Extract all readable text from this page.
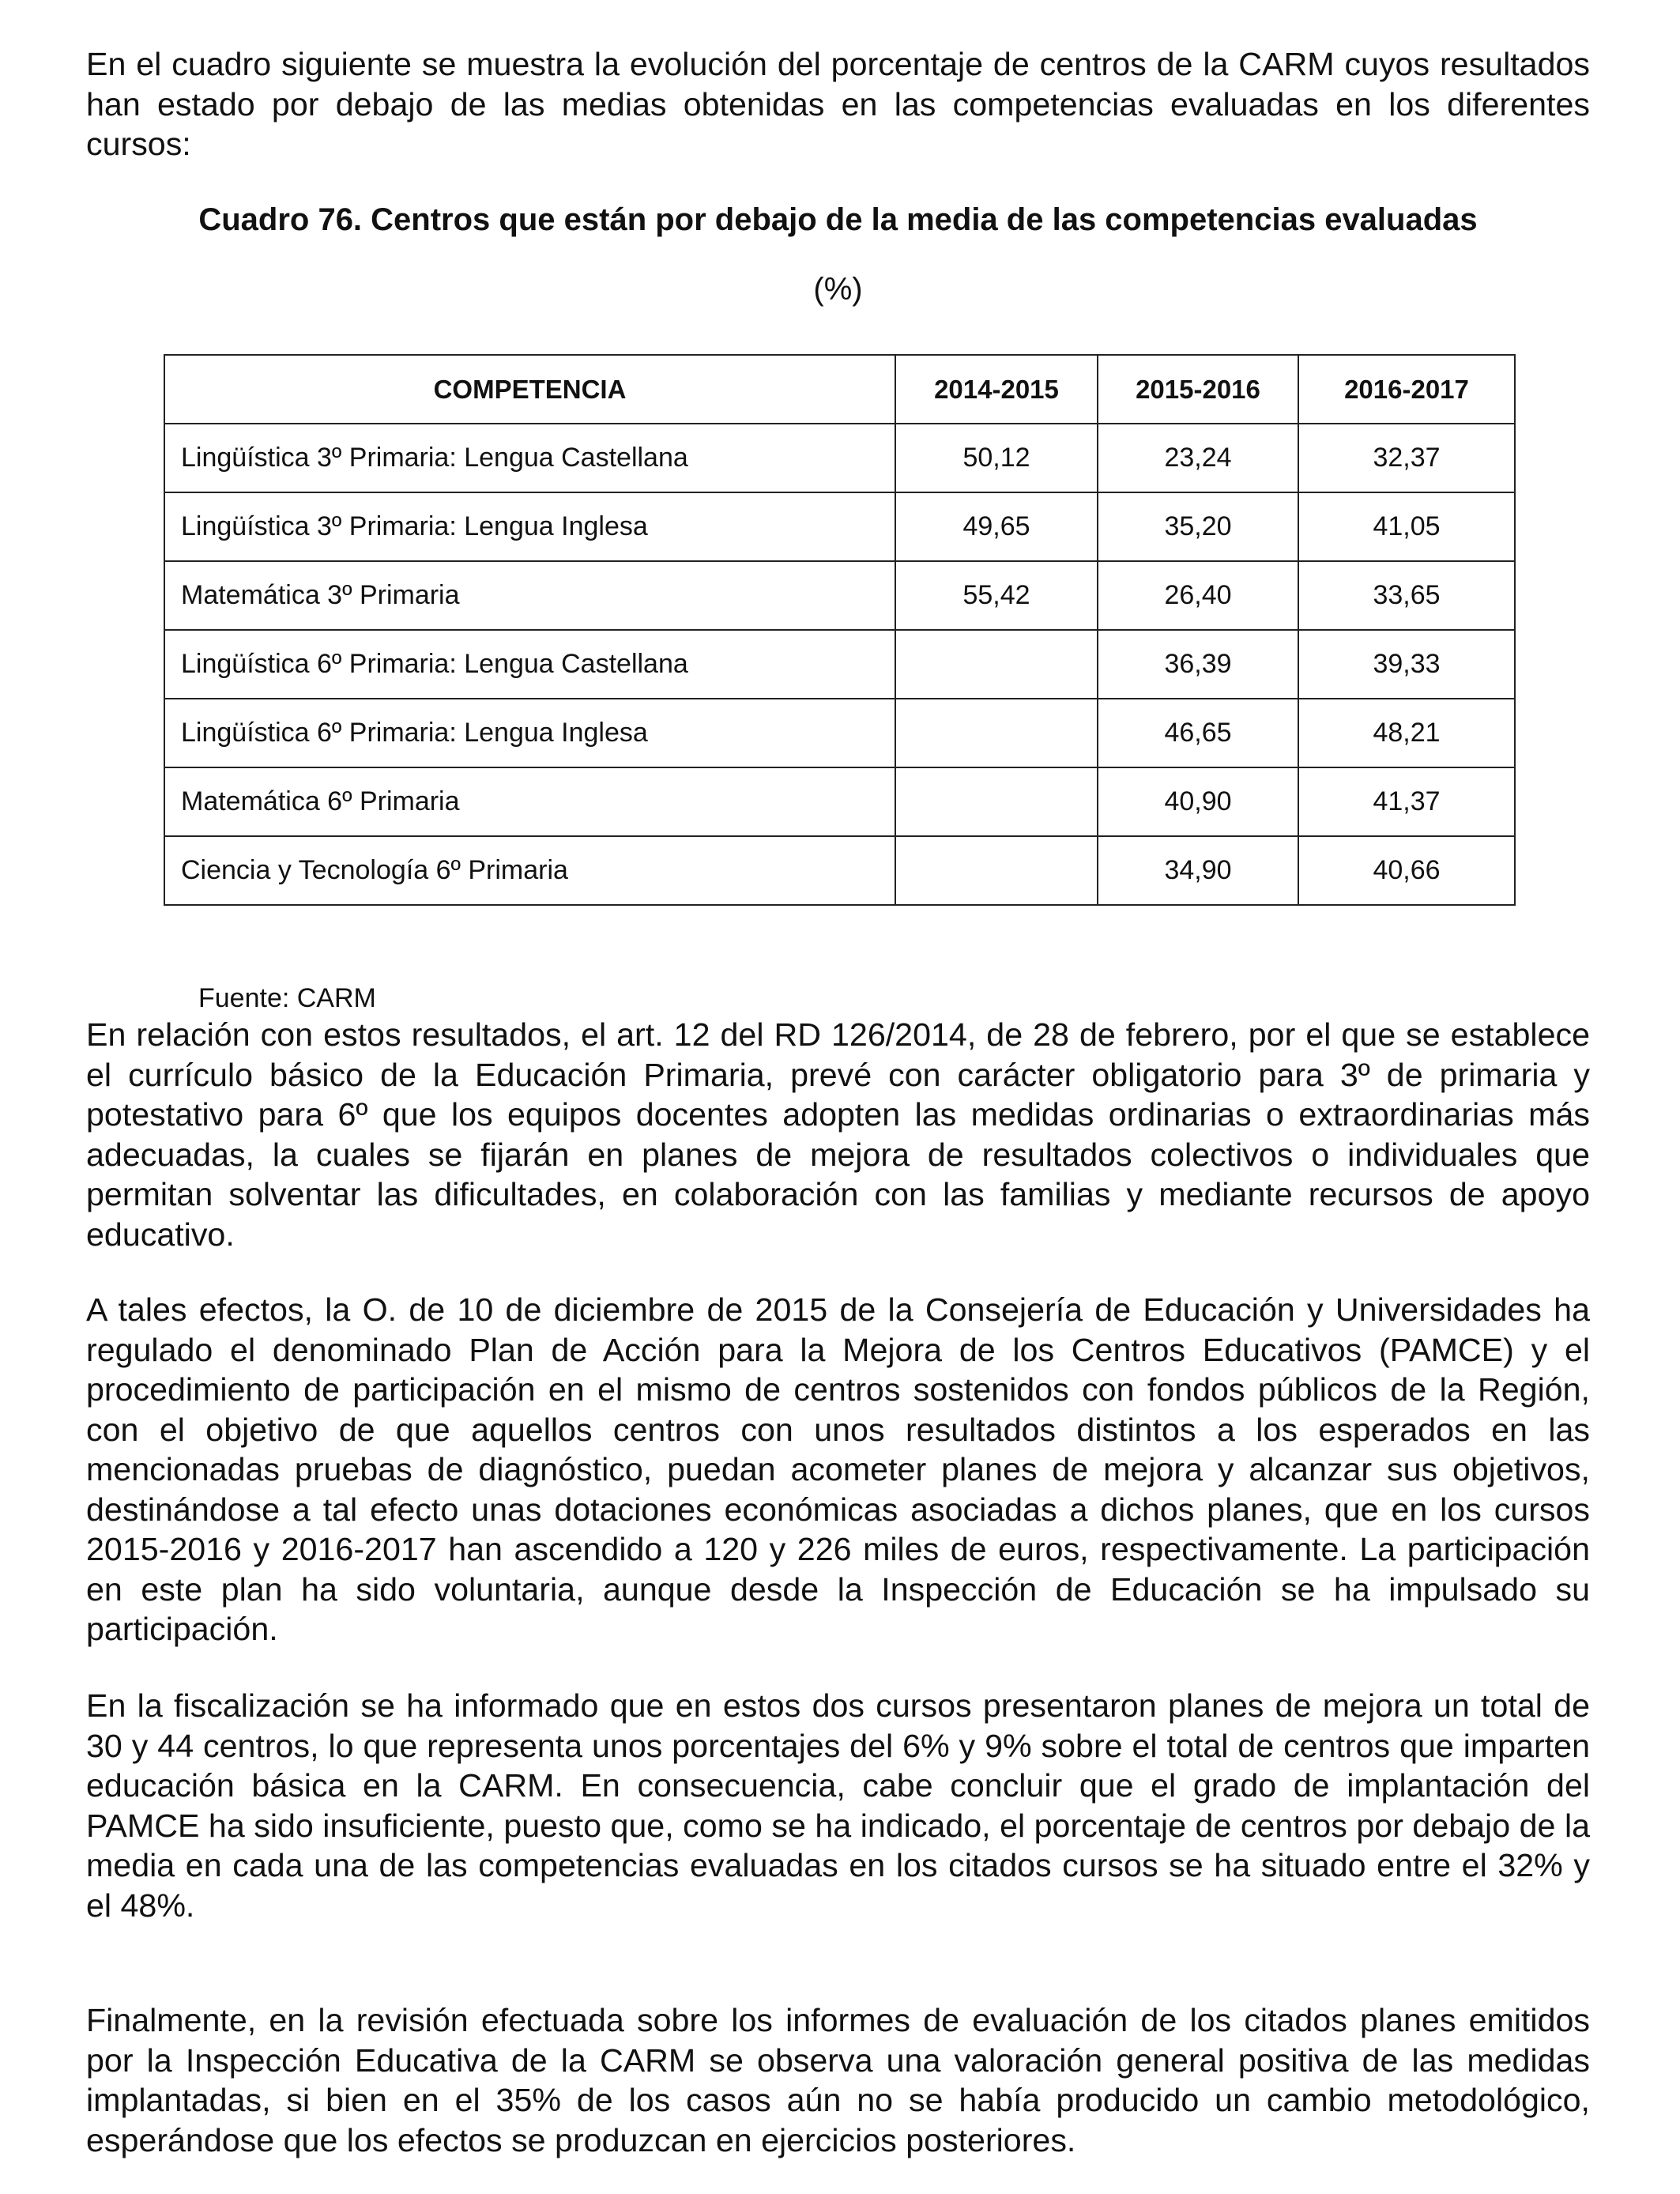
En el cuadro siguiente se muestra la evolución del porcentaje de centros de la CARM cuyos resultados han estado por debajo de las medias obtenidas en las competencias evaluadas en los diferentes cursos:

Cuadro 76. Centros que están por debajo de la media de las competencias evaluadas
(%)
COMPETENCIA	2014-2015	2015-2016	2016-2017
Lingüística 3º Primaria: Lengua Castellana	50,12	23,24	32,37
Lingüística 3º Primaria: Lengua Inglesa	49,65	35,20	41,05
Matemática 3º Primaria	55,42	26,40	33,65
Lingüística 6º Primaria: Lengua Castellana		36,39	39,33
Lingüística 6º Primaria: Lengua Inglesa		46,65	48,21
Matemática 6º Primaria		40,90	41,37
Ciencia y Tecnología 6º Primaria		34,90	40,66
Fuente: CARM

En relación con estos resultados, el art. 12 del RD 126/2014, de 28 de febrero, por el que se establece el currículo básico de la Educación Primaria, prevé con carácter obligatorio para 3º de primaria y potestativo para 6º que los equipos docentes adopten las medidas ordinarias o extraordinarias más adecuadas, la cuales se fijarán en planes de mejora de resultados colectivos o individuales que permitan solventar las dificultades, en colaboración con las familias y mediante recursos de apoyo educativo.

A tales efectos, la O. de 10 de diciembre de 2015 de la Consejería de Educación y Universidades ha regulado el denominado Plan de Acción para la Mejora de los Centros Educativos (PAMCE) y el procedimiento de participación en el mismo de centros sostenidos con fondos públicos de la Región, con el objetivo de que aquellos centros con unos resultados distintos a los esperados en las mencionadas pruebas de diagnóstico, puedan acometer planes de mejora y alcanzar sus objetivos, destinándose a tal efecto unas dotaciones económicas asociadas a dichos planes, que en los cursos 2015-2016 y 2016-2017 han ascendido a 120 y 226 miles de euros, respectivamente. La participación en este plan ha sido voluntaria, aunque desde la Inspección de Educación se ha impulsado su participación.

En la fiscalización se ha informado que en estos dos cursos presentaron planes de mejora un total de 30 y 44 centros, lo que representa unos porcentajes del 6% y 9% sobre el total de centros que imparten educación básica en la CARM. En consecuencia, cabe concluir que el grado de implantación del PAMCE ha sido insuficiente, puesto que, como se ha indicado, el porcentaje de centros por debajo de la media en cada una de las competencias evaluadas en los citados cursos se ha situado entre el 32% y el 48%.

Finalmente, en la revisión efectuada sobre los informes de evaluación de los citados planes emitidos por la Inspección Educativa de la CARM se observa una valoración general positiva de las medidas implantadas, si bien en el 35% de los casos aún no se había producido un cambio metodológico, esperándose que los efectos se produzcan en ejercicios posteriores.
